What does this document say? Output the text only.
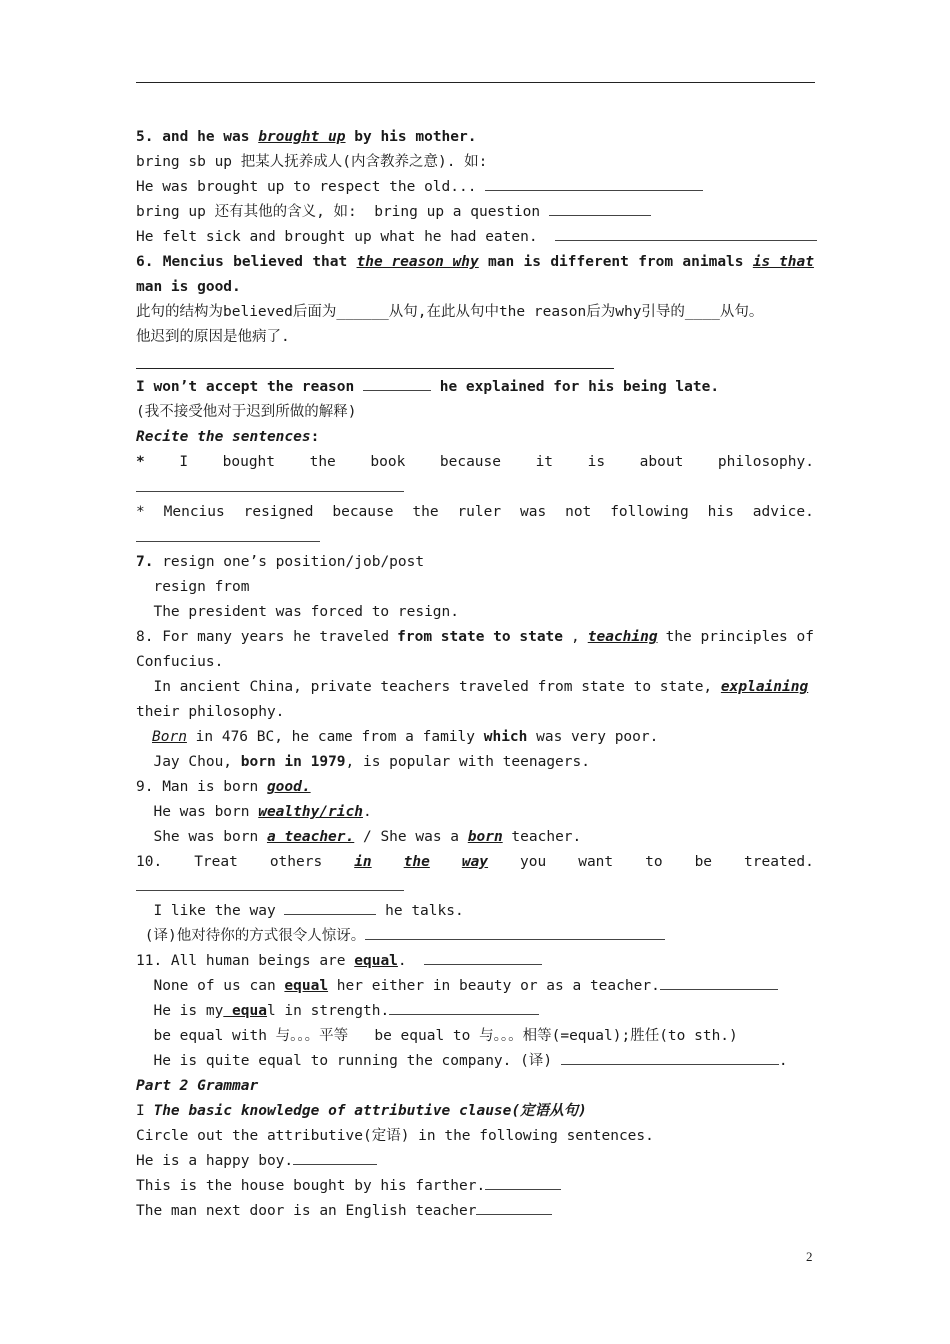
5. and he was brought up by his mother.
bring sb up 把某人抚养成人(内含教养之意). 如:
He was brought up to respect the old...
bring up 还有其他的含义, 如:  bring up a question
He felt sick and brought up what he had eaten.
6. Mencius believed that the reason why man is different from animals is that
man is good.
此句的结构为believed后面为______从句,在此从句中the reason后为why引导的____从句。
他迟到的原因是他病了.
I won’t accept the reason	he explained for his being late.
(我不接受他对于迟到所做的解释)
Recite the sentences:
* I bought the book because it is about philosophy.
* Mencius resigned because the ruler was not following his advice.
7. resign one’s position/job/post
resign from
The president was forced to resign.
8. For many years he traveled from state to state , teaching the principles of
Confucius.
In ancient China, private teachers traveled from state to state, explaining
their philosophy.
Born in 476 BC, he came from a family which was very poor.
Jay Chou, born in 1979, is popular with teenagers.
9. Man is born good.
He was born wealthy/rich.
She was born a teacher. / She was a born teacher.
10. Treat others in the way you want to be treated.
I like the way	he talks.
(译)他对待你的方式很令人惊讶。
11. All human beings are equal.
None of us can equal her either in beauty or as a teacher.
He is my equal in strength.
be equal with 与。。。平等   be equal to 与。。。相等(=equal);胜任(to sth.)
He is quite equal to running the company. (译)	.
Part 2 Grammar
I The basic knowledge of attributive clause(定语从句)
Circle out the attributive(定语) in the following sentences.
He is a happy boy.
This is the house bought by his farther.
The man next door is an English teacher
2
